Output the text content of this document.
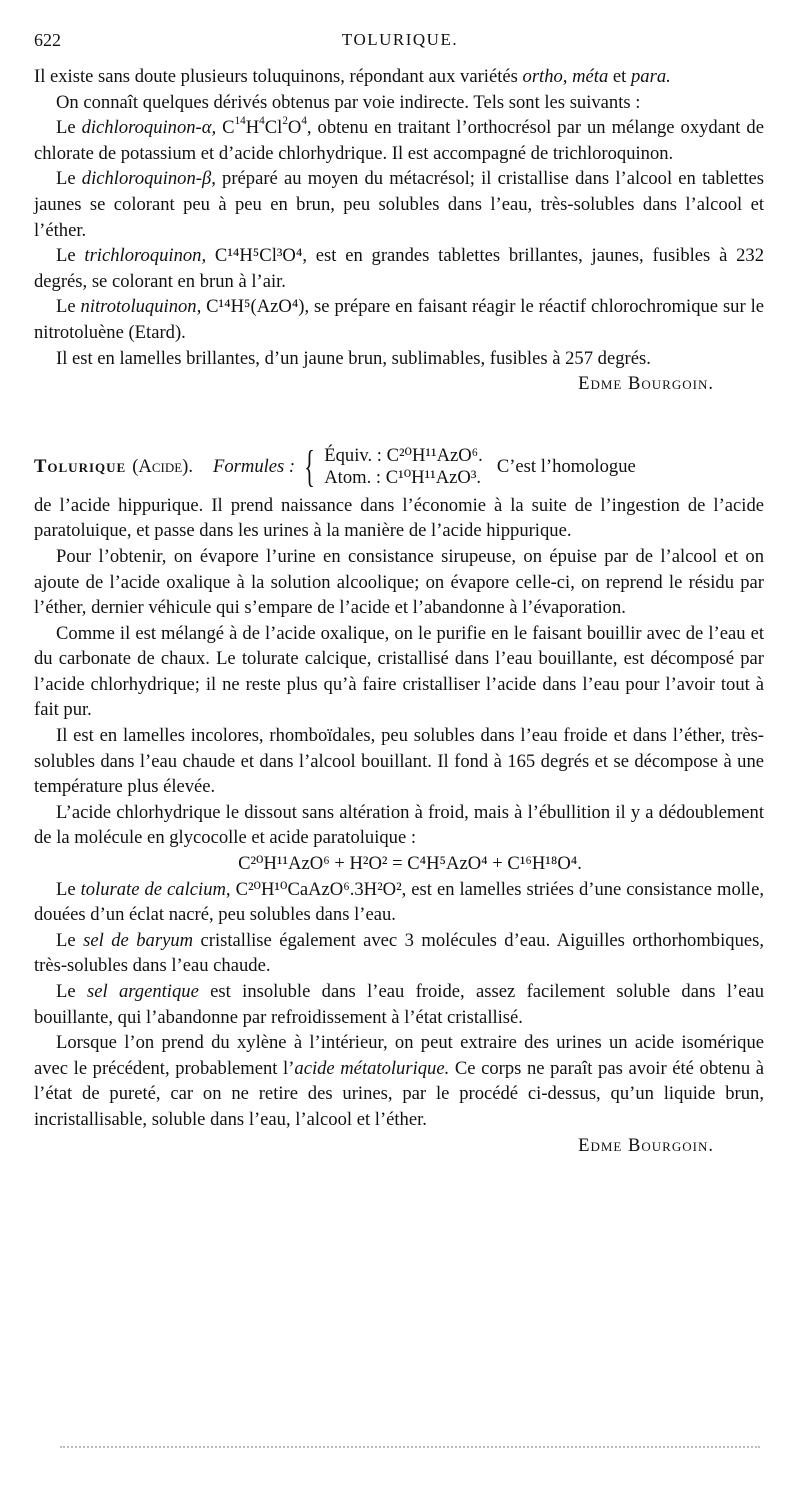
622	TOLURIQUE.

Il existe sans doute plusieurs toluquinons, répondant aux variétés ortho, méta et para.

On connaît quelques dérivés obtenus par voie indirecte. Tels sont les suivants :

Le dichloroquinon-α, $C^{14}H^4Cl^2O^4$, obtenu en traitant l’orthocrésol par un mélange oxydant de chlorate de potassium et d’acide chlorhydrique. Il est accompagné de trichloroquinon.

Le dichloroquinon-β, préparé au moyen du métacrésol; il cristallise dans l’alcool en tablettes jaunes se colorant peu à peu en brun, peu solubles dans l’eau, très-solubles dans l’alcool et l’éther.

Le trichloroquinon, C¹⁴H⁵Cl³O⁴, est en grandes tablettes brillantes, jaunes, fusibles à 232 degrés, se colorant en brun à l’air.

Le nitrotoluquinon, C¹⁴H⁵(AzO⁴), se prépare en faisant réagir le réactif chlorochromique sur le nitrotoluène (Etard).

Il est en lamelles brillantes, d’un jaune brun, sublimables, fusibles à 257 degrés.

Edme Bourgoin.
Tolurique (Acide). Formules : { Équiv. : C²⁰H¹¹AzO⁶.
Atom. : C¹⁰H¹¹AzO³.
C’est l’homologue

de l’acide hippurique. Il prend naissance dans l’économie à la suite de l’ingestion de l’acide paratoluique, et passe dans les urines à la manière de l’acide hippurique.

Pour l’obtenir, on évapore l’urine en consistance sirupeuse, on épuise par de l’alcool et on ajoute de l’acide oxalique à la solution alcoolique; on évapore celle-ci, on reprend le résidu par l’éther, dernier véhicule qui s’empare de l’acide et l’abandonne à l’évaporation.

Comme il est mélangé à de l’acide oxalique, on le purifie en le faisant bouillir avec de l’eau et du carbonate de chaux. Le tolurate calcique, cristallisé dans l’eau bouillante, est décomposé par l’acide chlorhydrique; il ne reste plus qu’à faire cristalliser l’acide dans l’eau pour l’avoir tout à fait pur.

Il est en lamelles incolores, rhomboïdales, peu solubles dans l’eau froide et dans l’éther, très-solubles dans l’eau chaude et dans l’alcool bouillant. Il fond à 165 degrés et se décompose à une température plus élevée.

L’acide chlorhydrique le dissout sans altération à froid, mais à l’ébullition il y a dédoublement de la molécule en glycocolle et acide paratoluique :

C²⁰H¹¹AzO⁶ + H²O² = C⁴H⁵AzO⁴ + C¹⁶H¹⁸O⁴.

Le tolurate de calcium, C²⁰H¹⁰CaAzO⁶.3H²O², est en lamelles striées d’une consistance molle, douées d’un éclat nacré, peu solubles dans l’eau.

Le sel de baryum cristallise également avec 3 molécules d’eau. Aiguilles orthorhombiques, très-solubles dans l’eau chaude.

Le sel argentique est insoluble dans l’eau froide, assez facilement soluble dans l’eau bouillante, qui l’abandonne par refroidissement à l’état cristallisé.

Lorsque l’on prend du xylène à l’intérieur, on peut extraire des urines un acide isomérique avec le précédent, probablement l’acide métatolurique. Ce corps ne paraît pas avoir été obtenu à l’état de pureté, car on ne retire des urines, par le procédé ci-dessus, qu’un liquide brun, incristallisable, soluble dans l’eau, l’alcool et l’éther.

Edme Bourgoin.
